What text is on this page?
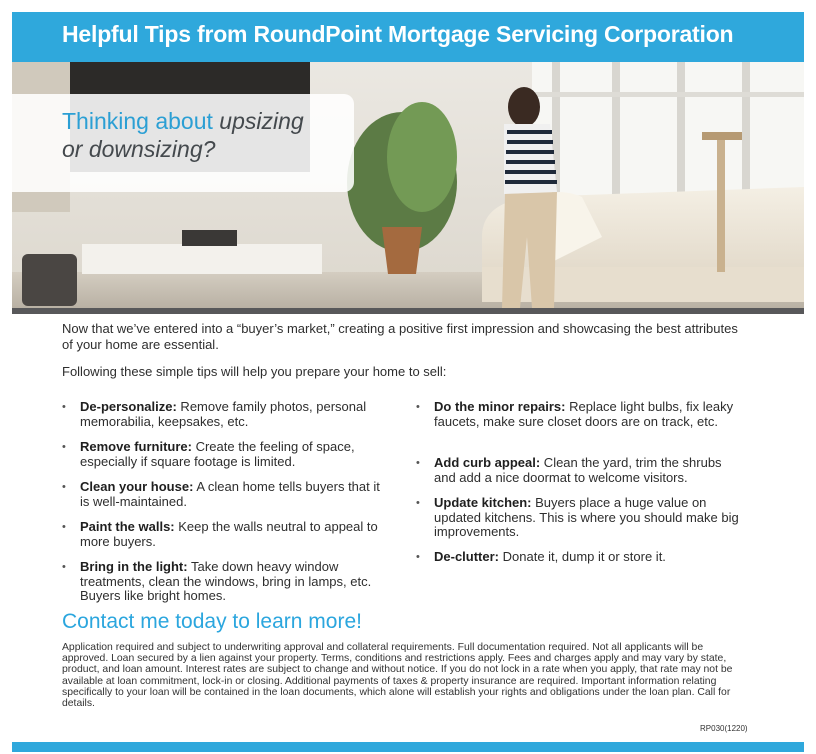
Helpful Tips from RoundPoint Mortgage Servicing Corporation
Thinking about upsizing
or downsizing?
Now that we’ve entered into a “buyer’s market,” creating a positive first impression and showcasing the best attributes of your home are essential.
Following these simple tips will help you prepare your home to sell:
• De-personalize: Remove family photos, personal memorabilia, keepsakes, etc.
• Remove furniture: Create the feeling of space, especially if square footage is limited.
• Clean your house: A clean home tells buyers that it is well-maintained.
• Paint the walls: Keep the walls neutral to appeal to more buyers.
• Bring in the light: Take down heavy window treatments, clean the windows, bring in lamps, etc. Buyers like bright homes.
• Do the minor repairs: Replace light bulbs, fix leaky faucets, make sure closet doors are on track, etc.
• Add curb appeal: Clean the yard, trim the shrubs and add a nice doormat to welcome visitors.
• Update kitchen: Buyers place a huge value on updated kitchens. This is where you should make big improvements.
• De-clutter: Donate it, dump it or store it.
Contact me today to learn more!
Application required and subject to underwriting approval and collateral requirements. Full documentation required. Not all applicants will be approved. Loan secured by a lien against your property. Terms, conditions and restrictions apply. Fees and charges apply and may vary by state, product, and loan amount. Interest rates are subject to change and without notice. If you do not lock in a rate when you apply, that rate may not be available at loan commitment, lock-in or closing. Additional payments of taxes & property insurance are required. Important information relating specifically to your loan will be contained in the loan documents, which alone will establish your rights and obligations under the loan plan. Call for details.
RP030(1220)
